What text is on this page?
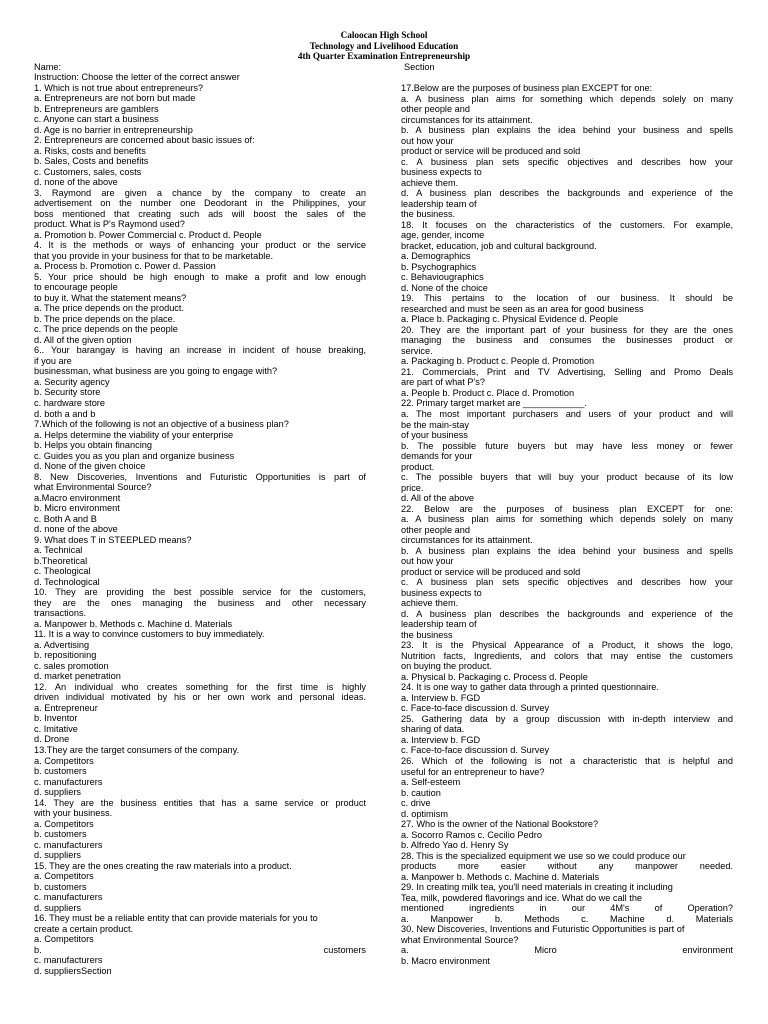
Caloocan High School
Technology and Livelihood Education
4th Quarter Examination Entrepreneurship
Name:	Section
Instruction: Choose the letter of the correct answer
1. Which is not true about entrepreneurs?
a. Entrepreneurs are not born but made
b. Entrepreneurs are gamblers
c. Anyone can start a business
d. Age is no barrier in entrepreneurship
2. Entrepreneurs are concerned about basic issues of:
a. Risks, costs and benefits
b. Sales, Costs and benefits
c. Customers, sales, costs
d. none of the above
3. Raymond are given a chance by the company to create an
advertisement on the number one Deodorant in the Philippines, your
boss mentioned that creating such ads will boost the sales of the
product. What is P's Raymond used?
a. Promotion b. Power Commercial c. Product d. People
4. It is the methods or ways of enhancing your product or the service
that you provide in your business for that to be marketable.
a. Process b. Promotion c. Power d. Passion
5. Your price should be high enough to make a profit and low enough
to encourage people
to buy it. What the statement means?
a. The price depends on the product.
b. The price depends on the place.
c. The price depends on the people
d. All of the given option
6.. Your barangay is having an increase in incident of house breaking,
if you are
businessman, what business are you going to engage with?
a. Security agency
b. Security store
c. hardware store
d. both a and b
7.Which of the following is not an objective of a business plan?
a. Helps determine the viability of your enterprise
b. Helps you obtain financing
c. Guides you as you plan and organize business
d. None of the given choice
8. New Discoveries, Inventions and Futuristic Opportunities is part of
what Environmental Source?
a.Macro environment
b. Micro environment
c. Both A and B
d. none of the above
9. What does T in STEEPLED means?
a. Technical
b.Theoretical
c. Theological
d. Technological
10. They are providing the best possible service for the customers,
they are the ones managing the business and other necessary
transactions.
a. Manpower b. Methods c. Machine d. Materials
11. It is a way to convince customers to buy immediately.
a. Advertising
b. repositioning
c. sales promotion
d. market penetration
12. An individual who creates something for the first time is highly
driven individual motivated by his or her own work and personal ideas.
a. Entrepreneur
b. Inventor
c. Imitative
d. Drone
13.They are the target consumers of the company.
a. Competitors
b. customers
c. manufacturers
d. suppliers
14. They are the business entities that has a same service or product
with your business.
a. Competitors
b. customers
c. manufacturers
d. suppliers
15. They are the ones creating the raw materials into a product.
a. Competitors
b. customers
c. manufacturers
d. suppliers
16. They must be a reliable entity that can provide materials for you to
create a certain product.
a. Competitors
b. customers
c. manufacturers
d. suppliersSection
17.Below are the purposes of business plan EXCEPT for one:
a. A business plan aims for something which depends solely on many
other people and
circumstances for its attainment.
b. A business plan explains the idea behind your business and spells
out how your
product or service will be produced and sold
c. A business plan sets specific objectives and describes how your
business expects to
achieve them.
d. A business plan describes the backgrounds and experience of the
leadership team of
the business.
18. It focuses on the characteristics of the customers. For example,
age, gender, income
bracket, education, job and cultural background.
a. Demographics
b. Psychographics
c. Behaviougraphics
d. None of the choice
19. This pertains to the location of our business. It should be
researched and must be seen as an area for good business
a. Place b. Packaging c. Physical Evidence d. People
20. They are the important part of your business for they are the ones
managing the business and consumes the businesses product or
service.
a. Packaging b. Product c. People d. Promotion
21. Commercials, Print and TV Advertising, Selling and Promo Deals
are part of what P's?
a. People b. Product c. Place d. Promotion
22. Primary target market are ____________.
a. The most important purchasers and users of your product and will
be the main-stay
of your business
b. The possible future buyers but may have less money or fewer
demands for your
product.
c. The possible buyers that will buy your product because of its low
price.
d. All of the above
22. Below are the purposes of business plan EXCEPT for one:
a. A business plan aims for something which depends solely on many
other people and
circumstances for its attainment.
b. A business plan explains the idea behind your business and spells
out how your
product or service will be produced and sold
c. A business plan sets specific objectives and describes how your
business expects to
achieve them.
d. A business plan describes the backgrounds and experience of the
leadership team of
the business
23. It is the Physical Appearance of a Product, it shows the logo,
Nutrition facts, Ingredients, and colors that may entise the customers
on buying the product.
a. Physical b. Packaging c. Process d. People
24. It is one way to gather data through a printed questionnaire.
a. Interview b. FGD
c. Face-to-face discussion d. Survey
25. Gathering data by a group discussion with in-depth interview and
sharing of data.
a. Interview b. FGD
c. Face-to-face discussion d. Survey
26. Which of the following is not a characteristic that is helpful and
useful for an entrepreneur to have?
a. Self-esteem
b. caution
c. drive
d. optimism
27. Who is the owner of the National Bookstore?
a. Socorro Ramos c. Cecilio Pedro
b. Alfredo Yao d. Henry Sy
28. This is the specialized equipment we use so we could produce our
products more easier without any manpower needed.
a. Manpower b. Methods c. Machine d. Materials
29. In creating milk tea, you'll need materials in creating it including
Tea, milk, powdered flavorings and ice. What do we call the
mentioned ingredients in our 4M's of Operation?
a. Manpower b. Methods c. Machine d. Materials
30. New Discoveries, Inventions and Futuristic Opportunities is part of
what Environmental Source?
a. Micro environment
b. Macro environment
